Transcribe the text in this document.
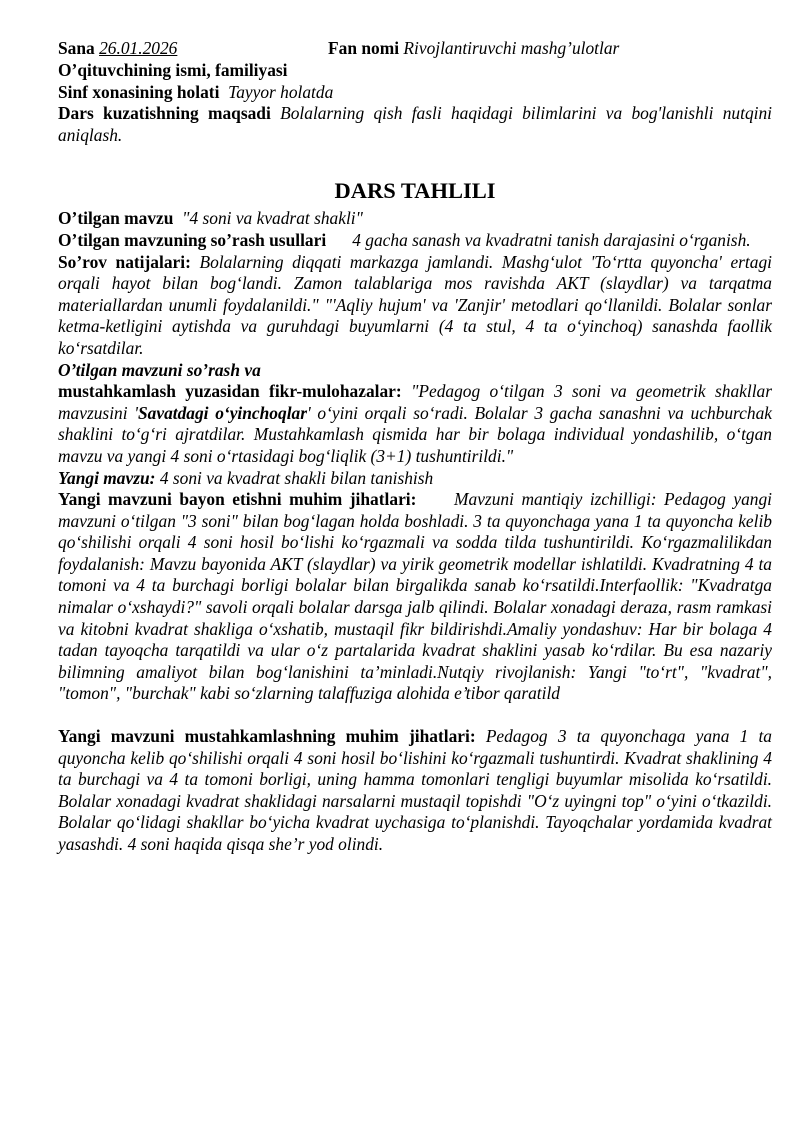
Sana 26.01.2026	Fan nomi Rivojlantiruvchi mashg’ulotlar

O’qituvchining ismi, familiyasi

Sinf xonasining holati Tayyor holatda

Dars kuzatishning maqsadi Bolalarning qish fasli haqidagi bilimlarini va bog'lanishli nutqini aniqlash.

DARS TAHLILI

O’tilgan mavzu "4 soni va kvadrat shakli"

O’tilgan mavzuning so’rash usullari 4 gacha sanash va kvadratni tanish darajasini o‘rganish.

So’rov natijalari: Bolalarning diqqati markazga jamlandi. Mashg‘ulot 'To‘rtta quyoncha' ertagi orqali hayot bilan bog‘landi. Zamon talablariga mos ravishda AKT (slaydlar) va tarqatma materiallardan unumli foydalanildi." "'Aqliy hujum' va 'Zanjir' metodlari qo‘llanildi. Bolalar sonlar ketma-ketligini aytishda va guruhdagi buyumlarni (4 ta stul, 4 ta o‘yinchoq) sanashda faollik ko‘rsatdilar.

O’tilgan mavzuni so’rash va

mustahkamlash yuzasidan fikr-mulohazalar: "Pedagog o‘tilgan 3 soni va geometrik shakllar mavzusini 'Savatdagi o‘yinchoqlar' o‘yini orqali so‘radi. Bolalar 3 gacha sanashni va uchburchak shaklini to‘g‘ri ajratdilar. Mustahkamlash qismida har bir bolaga individual yondashilib, o‘tgan mavzu va yangi 4 soni o‘rtasidagi bog‘liqlik (3+1) tushuntirildi."

Yangi mavzu: 4 soni va kvadrat shakli bilan tanishish

Yangi mavzuni bayon etishni muhim jihatlari: Mavzuni mantiqiy izchilligi: Pedagog yangi mavzuni o‘tilgan "3 soni" bilan bog‘lagan holda boshladi. 3 ta quyonchaga yana 1 ta quyoncha kelib qo‘shilishi orqali 4 soni hosil bo‘lishi ko‘rgazmali va sodda tilda tushuntirildi. Ko‘rgazmalilikdan foydalanish: Mavzu bayonida AKT (slaydlar) va yirik geometrik modellar ishlatildi. Kvadratning 4 ta tomoni va 4 ta burchagi borligi bolalar bilan birgalikda sanab ko‘rsatildi.Interfaollik: "Kvadratga nimalar o‘xshaydi?" savoli orqali bolalar darsga jalb qilindi. Bolalar xonadagi deraza, rasm ramkasi va kitobni kvadrat shakliga o‘xshatib, mustaqil fikr bildirishdi.Amaliy yondashuv: Har bir bolaga 4 tadan tayoqcha tarqatildi va ular o‘z partalarida kvadrat shaklini yasab ko‘rdilar. Bu esa nazariy bilimning amaliyot bilan bog‘lanishini ta’minladi.Nutqiy rivojlanish: Yangi "to‘rt", "kvadrat", "tomon", "burchak" kabi so‘zlarning talaffuziga alohida e’tibor qaratild

Yangi mavzuni mustahkamlashning muhim jihatlari: Pedagog 3 ta quyonchaga yana 1 ta quyoncha kelib qo‘shilishi orqali 4 soni hosil bo‘lishini ko‘rgazmali tushuntirdi. Kvadrat shaklining 4 ta burchagi va 4 ta tomoni borligi, uning hamma tomonlari tengligi buyumlar misolida ko‘rsatildi. Bolalar xonadagi kvadrat shaklidagi narsalarni mustaqil topishdi "O‘z uyingni top" o‘yini o‘tkazildi. Bolalar qo‘lidagi shakllar bo‘yicha kvadrat uychasiga to‘planishdi. Tayoqchalar yordamida kvadrat yasashdi. 4 soni haqida qisqa she’r yod olindi.
